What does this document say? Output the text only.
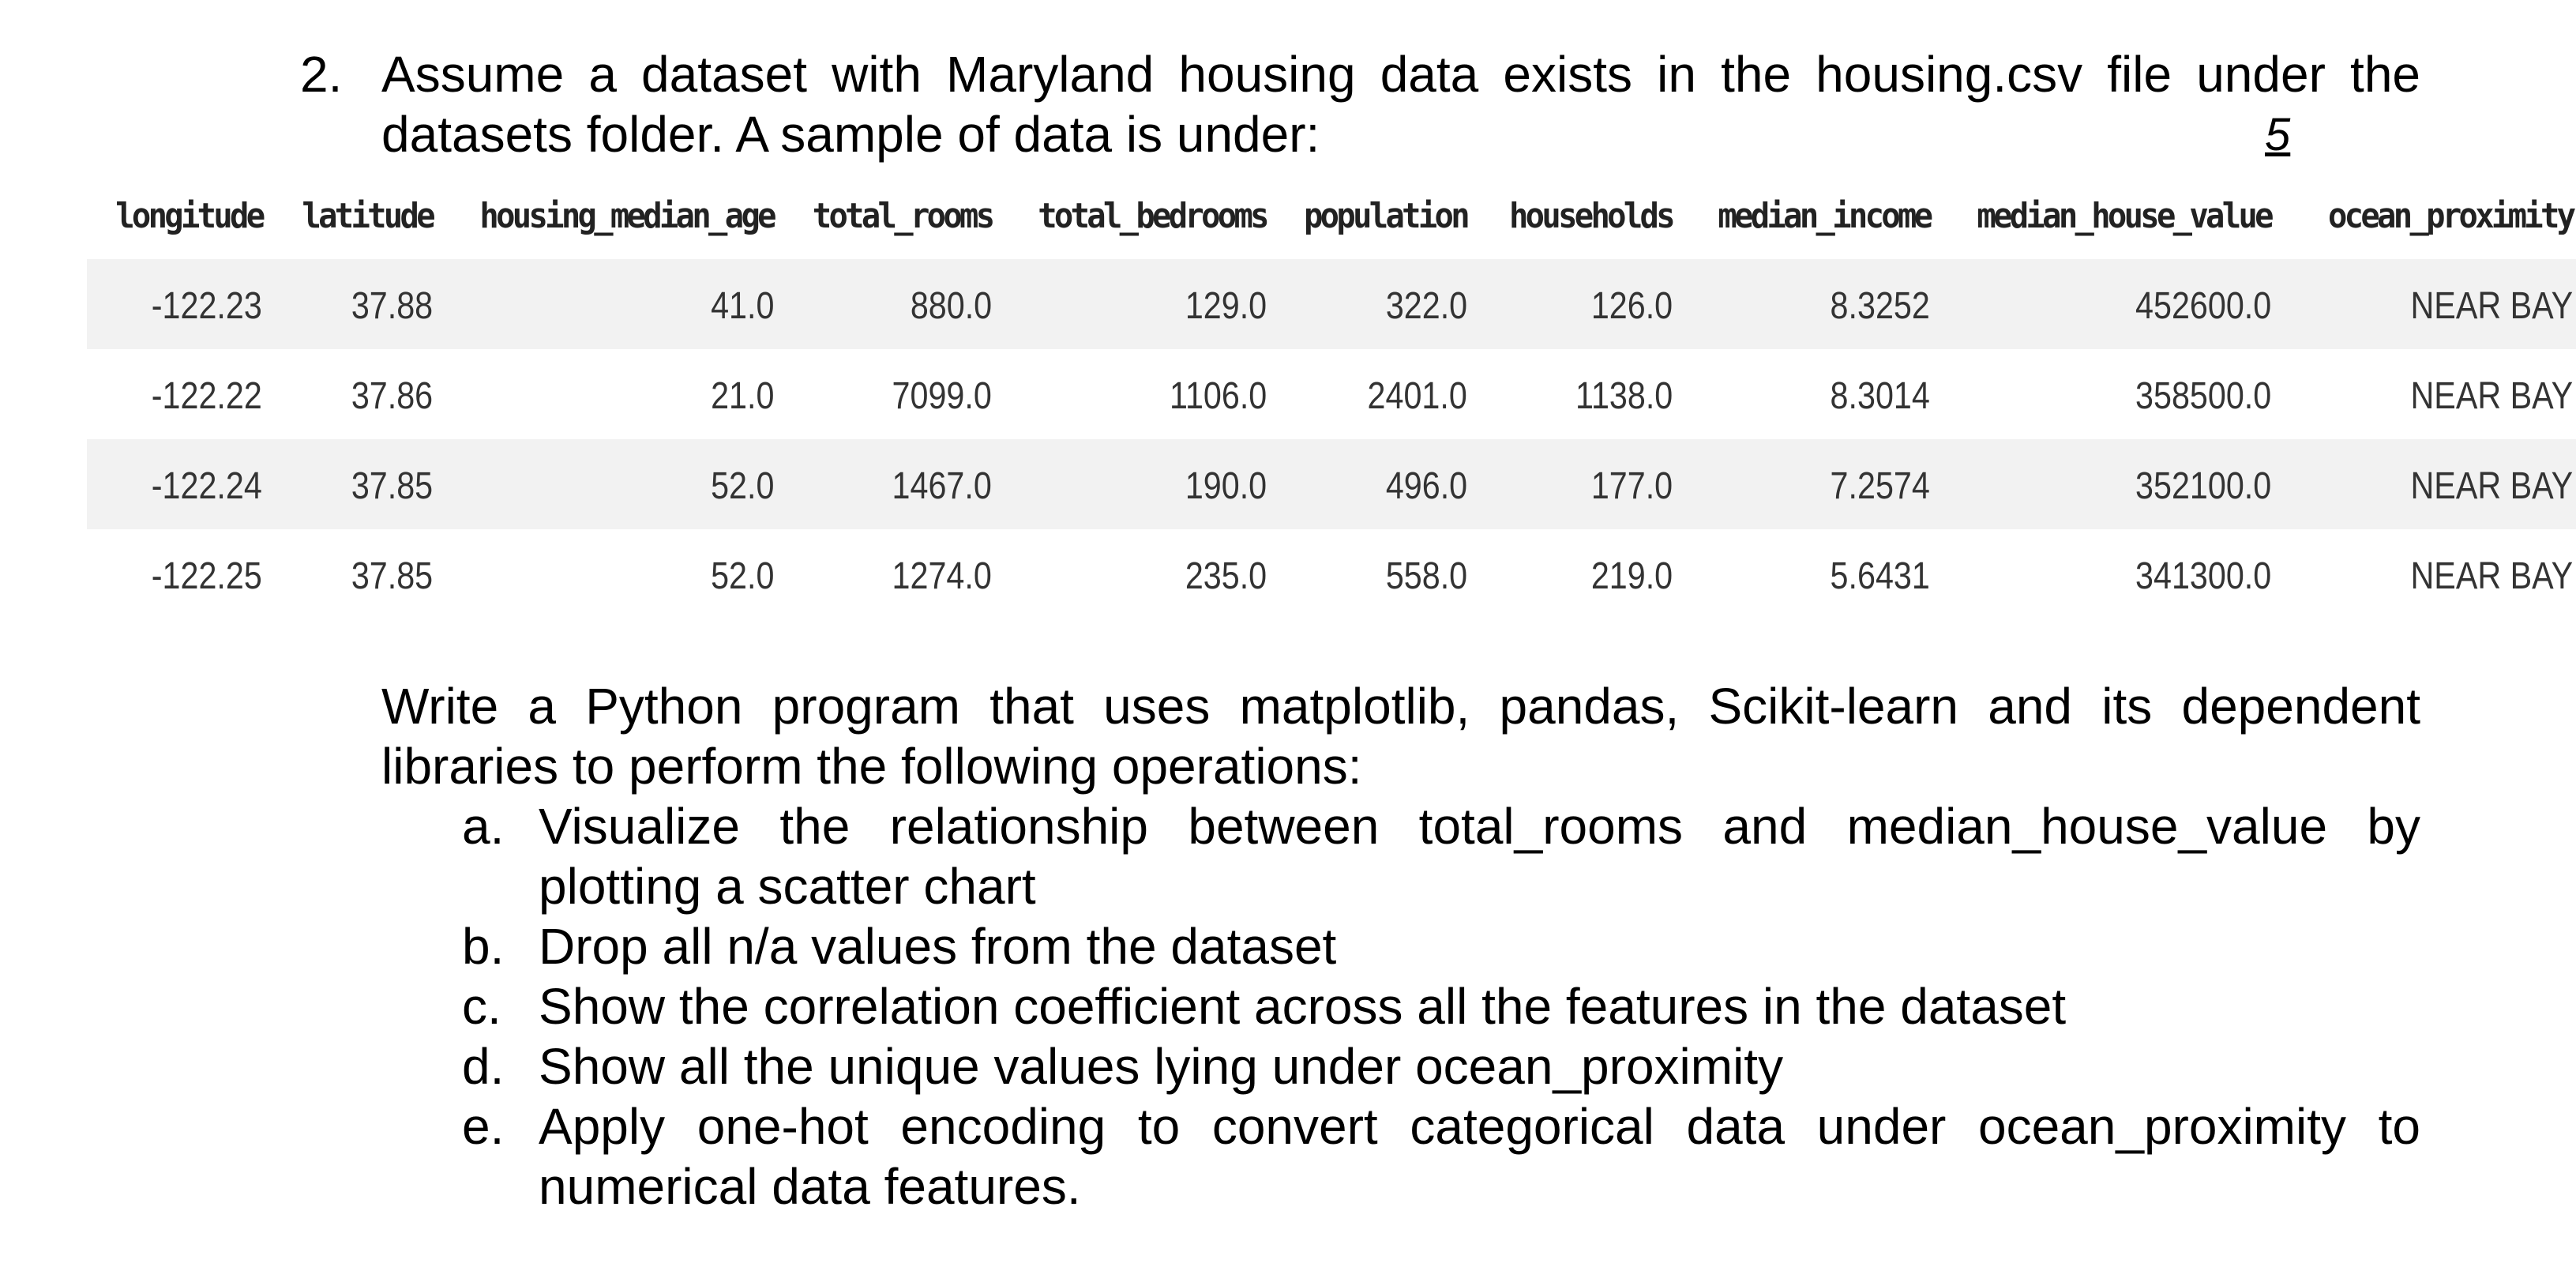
2. Assume a dataset with Maryland housing data exists in the housing.csv file under the
datasets folder. A sample of data is under:	5
longitude latitude housing_median_age total_rooms total_bedrooms population households median_income median_house_value ocean_proximity
-122.23 37.88	41.0	880.0	129.0	322.0	126.0	8.3252	452600.0	NEAR BAY
-122.22 37.86	21.0	7099.0	1106.0	2401.0	1138.0	8.3014	358500.0	NEAR BAY
-122.24 37.85	52.0	1467.0	190.0	496.0	177.0	7.2574	352100.0	NEAR BAY
-122.25 37.85	52.0	1274.0	235.0	558.0	219.0	5.6431	341300.0	NEAR BAY
Write a Python program that uses matplotlib, pandas, Scikit-learn and its dependent
libraries to perform the following operations:
a. Visualize the relationship between total_rooms and median_house_value by
plotting a scatter chart
b. Drop all n/a values from the dataset
c. Show the correlation coefficient across all the features in the dataset
d. Show all the unique values lying under ocean_proximity
e. Apply one-hot encoding to convert categorical data under ocean_proximity to
numerical data features.
